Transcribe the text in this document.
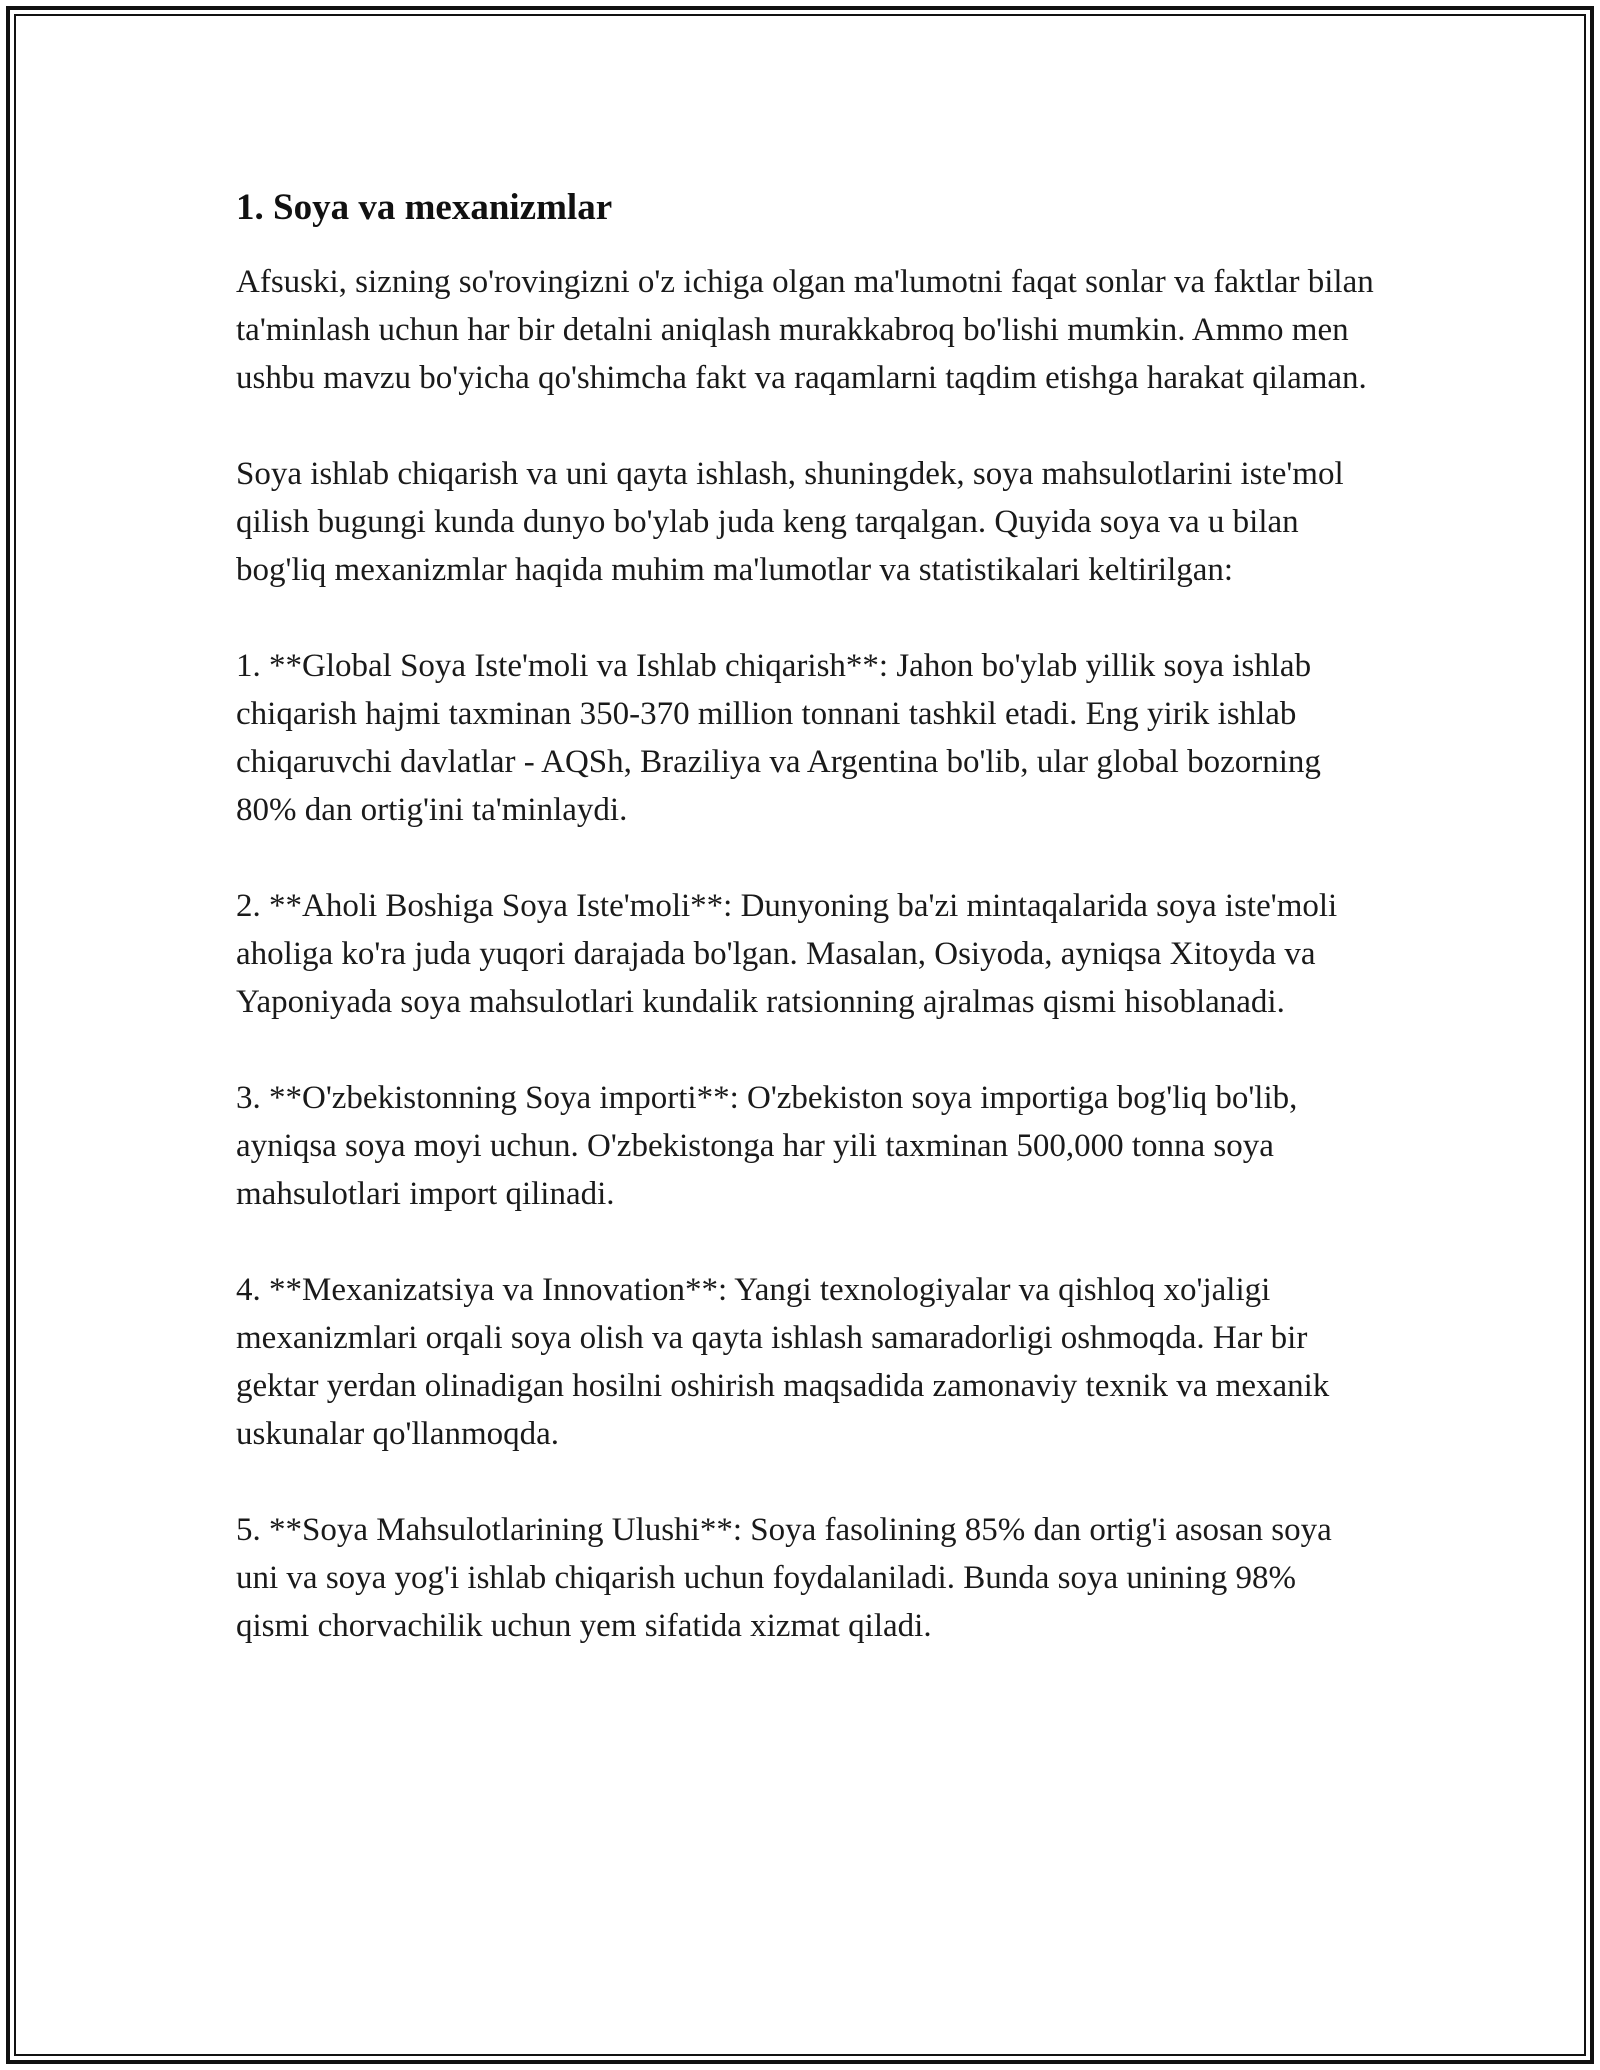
1. Soya va mexanizmlar

Afsuski, sizning so'rovingizni o'z ichiga olgan ma'lumotni faqat sonlar va faktlar bilan ta'minlash uchun har bir detalni aniqlash murakkabroq bo'lishi mumkin. Ammo men ushbu mavzu bo'yicha qo'shimcha fakt va raqamlarni taqdim etishga harakat qilaman.

Soya ishlab chiqarish va uni qayta ishlash, shuningdek, soya mahsulotlarini iste'mol qilish bugungi kunda dunyo bo'ylab juda keng tarqalgan. Quyida soya va u bilan bog'liq mexanizmlar haqida muhim ma'lumotlar va statistikalari keltirilgan:

1. **Global Soya Iste'moli va Ishlab chiqarish**: Jahon bo'ylab yillik soya ishlab chiqarish hajmi taxminan 350-370 million tonnani tashkil etadi. Eng yirik ishlab chiqaruvchi davlatlar - AQSh, Braziliya va Argentina bo'lib, ular global bozorning 80% dan ortig'ini ta'minlaydi.

2. **Aholi Boshiga Soya Iste'moli**: Dunyoning ba'zi mintaqalarida soya iste'moli aholiga ko'ra juda yuqori darajada bo'lgan. Masalan, Osiyoda, ayniqsa Xitoyda va Yaponiyada soya mahsulotlari kundalik ratsionning ajralmas qismi hisoblanadi.

3. **O'zbekistonning Soya importi**: O'zbekiston soya importiga bog'liq bo'lib, ayniqsa soya moyi uchun. O'zbekistonga har yili taxminan 500,000 tonna soya mahsulotlari import qilinadi.

4. **Mexanizatsiya va Innovation**: Yangi texnologiyalar va qishloq xo'jaligi mexanizmlari orqali soya olish va qayta ishlash samaradorligi oshmoqda. Har bir gektar yerdan olinadigan hosilni oshirish maqsadida zamonaviy texnik va mexanik uskunalar qo'llanmoqda.

5. **Soya Mahsulotlarining Ulushi**: Soya fasolining 85% dan ortig'i asosan soya uni va soya yog'i ishlab chiqarish uchun foydalaniladi. Bunda soya unining 98% qismi chorvachilik uchun yem sifatida xizmat qiladi.
